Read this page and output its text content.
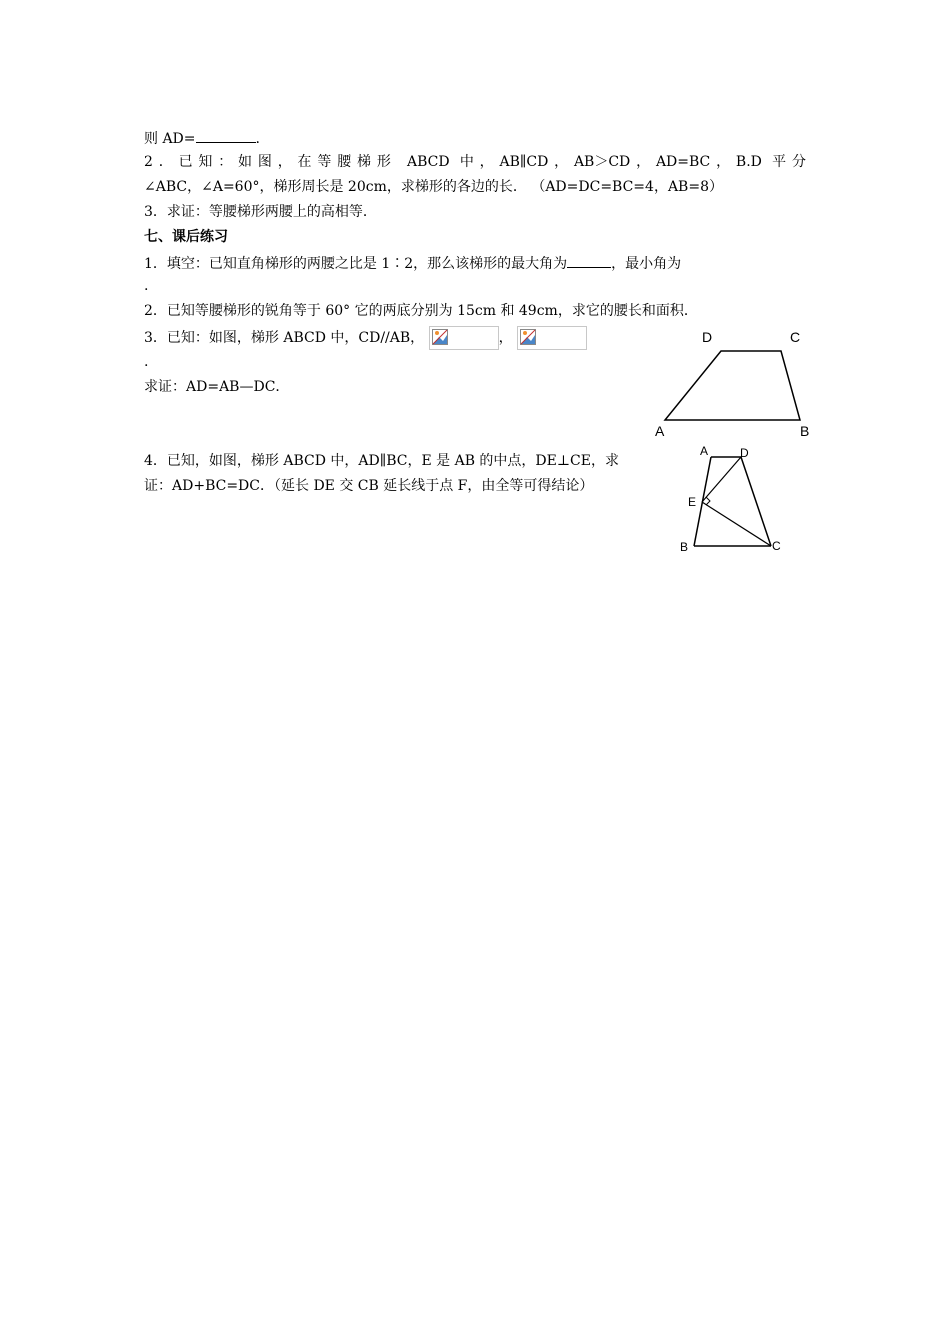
则 AD=	.
2．已知：如图，在等腰梯形 ABCD 中，AB∥CD，AB＞CD，AD=BC，B.D 平分
∠ABC，∠A=60°，梯形周长是 20cm，求梯形的各边的长． （AD=DC=BC=4，AB=8）
3．求证：等腰梯形两腰上的高相等．
七、课后练习
1．填空：已知直角梯形的两腰之比是 1∶2，那么该梯形的最大角为	，最小角为
.
2．已知等腰梯形的锐角等于 60° 它的两底分别为 15cm 和 49cm，求它的腰长和面积．
3．已知：如图，梯形 ABCD 中，CD//AB，	，
.
求证：AD=AB—DC．
4．已知，如图，梯形 ABCD 中，AD∥BC，E 是 AB 的中点，DE⊥CE，求
证：AD+BC=DC．（延长 DE 交 CB 延长线于点 F，由全等可得结论）
D	C
A	B
A	D
E
B	C
